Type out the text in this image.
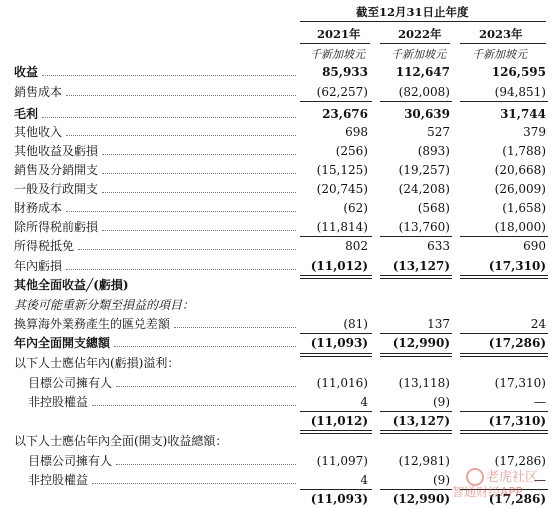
截至12月31日止年度
2021年	2022年	2023年
千新加坡元 千新加坡元 千新加坡元
收益	85,933	112,647	126,595
銷售成本	(62,257)	(82,008)	(94,851)
毛利	23,676	30,639	31,744
其他收入	698	527	379
其他收益及虧損	(256)	(893)	(1,788)
銷售及分銷開支	(15,125)	(19,257)	(20,668)
一般及行政開支	(20,745)	(24,208)	(26,009)
財務成本	(62)	(568)	(1,658)
除所得税前虧損	(11,814)	(13,760)	(18,000)
所得税抵免	802	633	690
年內虧損	(11,012)	(13,127)	(17,310)
其他全面收益╱(虧損)
其後可能重新分類至損益的項目：
換算海外業務產生的匯兑差額	(81)	137	24
年內全面開支總額	(11,093)	(12,990)	(17,286)
以下人士應佔年內(虧損)溢利：
目標公司擁有人	(11,016)	(13,118)	(17,310)
非控股權益	4	(9)	—
(11,012)	(13,127)	(17,310)
以下人士應佔年內全面(開支)收益總額：
目標公司擁有人	(11,097)	(12,981)	(17,286)
非控股權益	4	(9)	—
(11,093)	(12,990)	(17,286)
老虎社区
智通财经APP
